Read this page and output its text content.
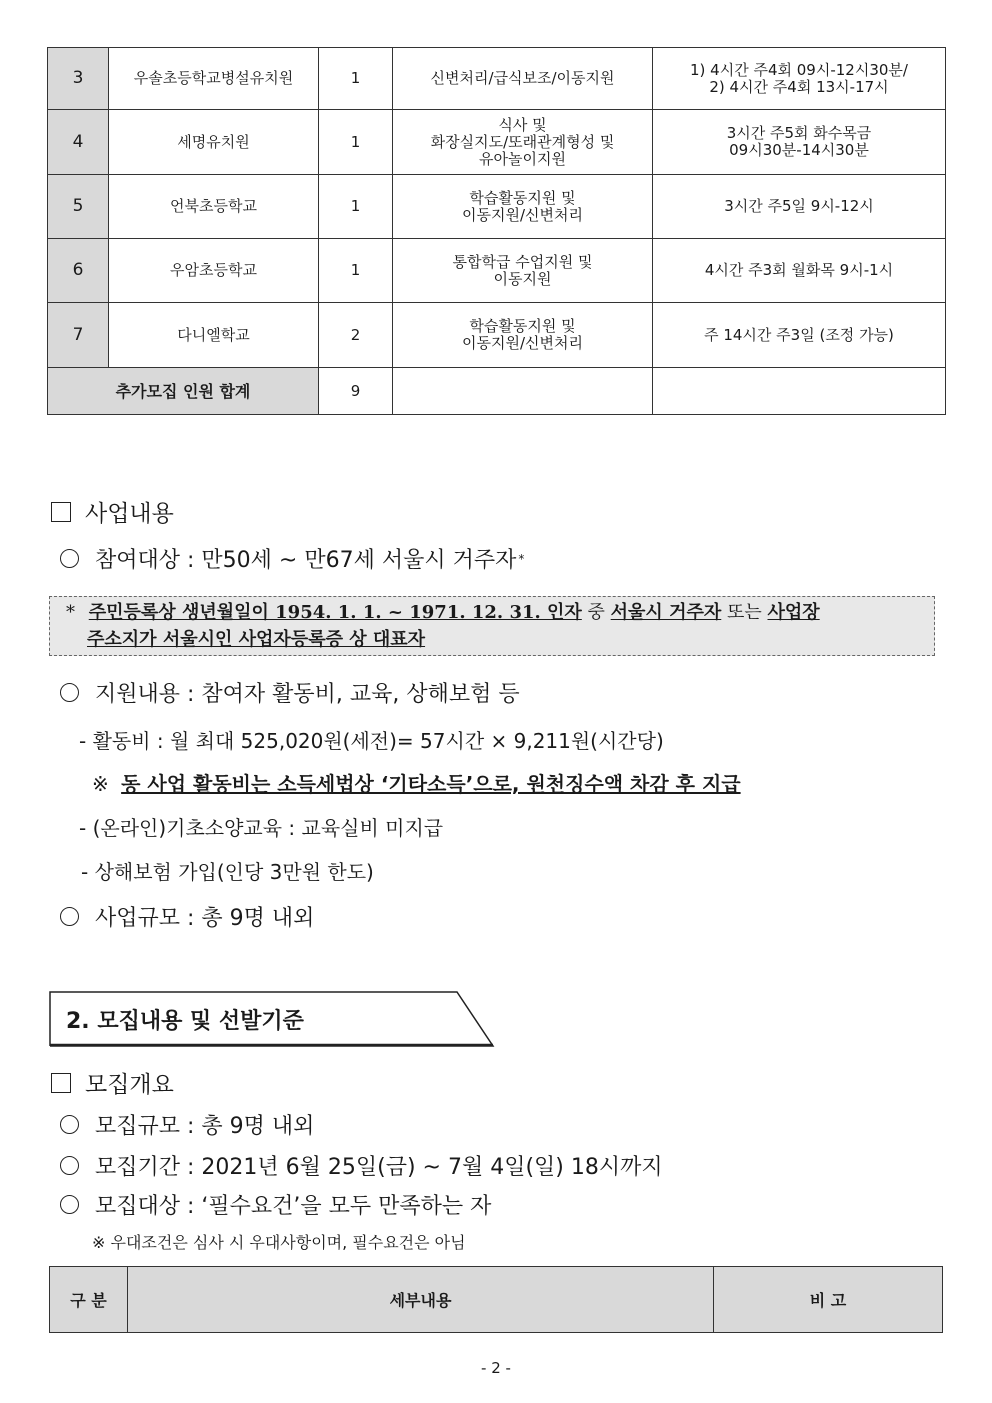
3	우솔초등학교병설유치원	1	신변처리/급식보조/이동지원	1) 4시간 주4회 09시-12시30분/
2) 4시간 주4회 13시-17시
4	세명유치원	1	식사 및
화장실지도/또래관계형성 및
유아놀이지원	3시간 주5회 화수목금
09시30분-14시30분
5	언북초등학교	1	학습활동지원 및
이동지원/신변처리	3시간 주5일 9시-12시
6	우암초등학교	1	통합학급 수업지원 및
이동지원	4시간 주3회 월화목 9시-1시
7	다니엘학교	2	학습활동지원 및
이동지원/신변처리	주 14시간 주3일 (조정 가능)
추가모집 인원 합계		9		
사업내용
참여대상 : 만50세 ~ 만67세 서울시 거주자 *
* 주민등록상 생년월일이 1954. 1. 1. ~ 1971. 12. 31. 인자 중 서울시 거주자 또는 사업장
주소지가 서울시인 사업자등록증 상 대표자
지원내용 : 참여자 활동비, 교육, 상해보험 등
- 활동비 : 월 최대 525,020원(세전)= 57시간 × 9,211원(시간당)
※ 동 사업 활동비는 소득세법상 ‘기타소득’으로, 원천징수액 차감 후 지급
- (온라인)기초소양교육 : 교육실비 미지급
- 상해보험 가입(인당 3만원 한도)
사업규모 : 총 9명 내외
2. 모집내용 및 선발기준
모집개요
모집규모 : 총 9명 내외
모집기간 : 2021년 6월 25일(금) ~ 7월 4일(일) 18시까지
모집대상 : ‘필수요건’을 모두 만족하는 자
※ 우대조건은 심사 시 우대사항이며, 필수요건은 아님
구 분	세부내용	비 고
- 2 -
